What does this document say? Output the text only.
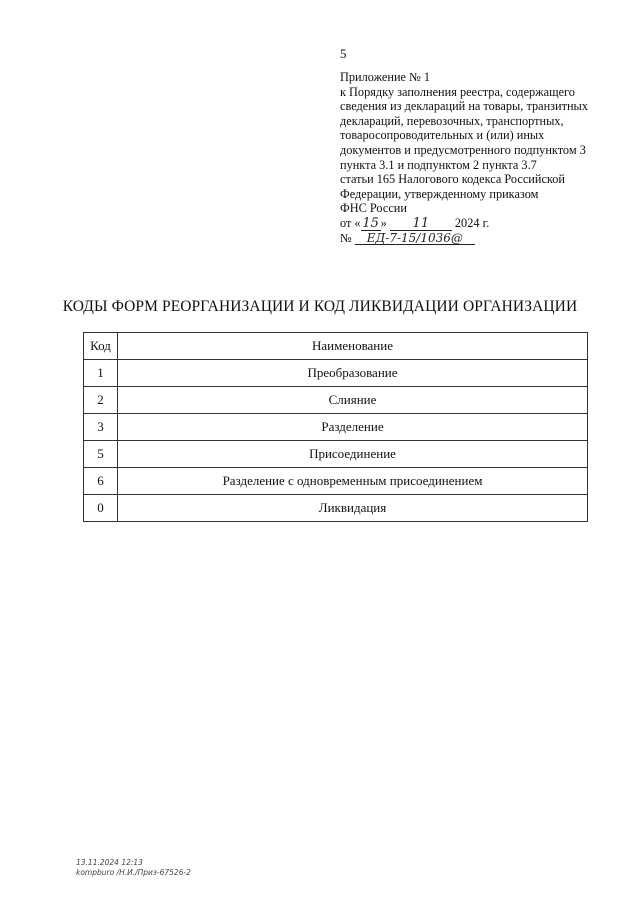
5
Приложение № 1
к Порядку заполнения реестра, содержащего
сведения из деклараций на товары, транзитных
деклараций, перевозочных, транспортных,
товаросопроводительных и (или) иных
документов и предусмотренного подпунктом 3
пункта 3.1 и подпунктом 2 пункта 3.7
статьи 165 Налогового кодекса Российской
Федерации, утвержденному приказом
ФНС России
от « 15 » 11 2024 г.
№ ЕД-7-15/1036@
КОДЫ ФОРМ РЕОРГАНИЗАЦИИ И КОД ЛИКВИДАЦИИ ОРГАНИЗАЦИИ
Код	Наименование
1	Преобразование
2	Слияние
3	Разделение
5	Присоединение
6	Разделение с одновременным присоединением
0	Ликвидация
13.11.2024 12:13
kompburo /Н.И./Приз-67526-2
